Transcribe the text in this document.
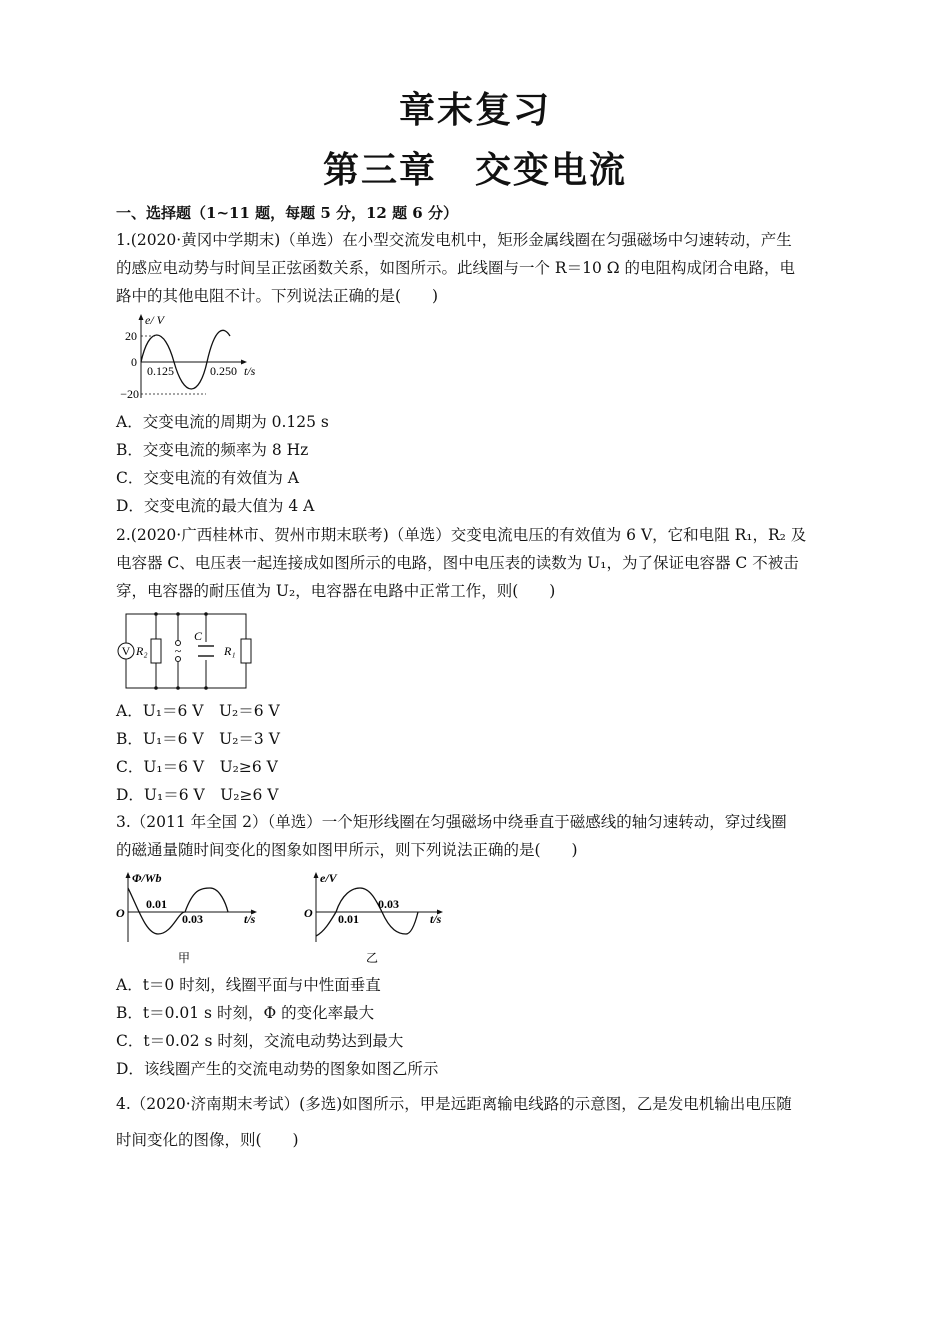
章末复习
第三章　交变电流
一、选择题（1~11 题，每题 5 分，12 题 6 分）
1.(2020·黄冈中学期末)（单选）在小型交流发电机中，矩形金属线圈在匀强磁场中匀速转动，产生
的感应电动势与时间呈正弦函数关系，如图所示。此线圈与一个 R＝10 Ω 的电阻构成闭合电路，电
路中的其他电阻不计。下列说法正确的是(　　)
e/ V
20
0
−20
0.125	0.250 t/s
A．交变电流的周期为 0.125 s
B．交变电流的频率为 8 Hz
C．交变电流的有效值为 A
D．交变电流的最大值为 4 A
2.(2020·广西桂林市、贺州市期末联考)（单选）交变电流电压的有效值为 6 V，它和电阻 R₁，R₂ 及
电容器 C、电压表一起连接成如图所示的电路，图中电压表的读数为 U₁，为了保证电容器 C 不被击
穿，电容器的耐压值为 U₂，电容器在电路中正常工作，则(　　)
V R₂ ~
C
R₁
A．U₁＝6 V　U₂＝6 V
B．U₁＝6 V　U₂＝3 V
C．U₁＝6 V　U₂≥6 V
D．U₁＝6 V　U₂≥6 V
3.（2011 年全国 2）（单选）一个矩形线圈在匀强磁场中绕垂直于磁感线的轴匀速转动，穿过线圈
的磁通量随时间变化的图象如图甲所示，则下列说法正确的是(　　)
Φ/Wb
O
0.01
0.03	t/s
甲
e/V
O 0.01
0.03
t/s
乙
A．t＝0 时刻，线圈平面与中性面垂直
B．t＝0.01 s 时刻，Φ 的变化率最大
C．t＝0.02 s 时刻，交流电动势达到最大
D．该线圈产生的交流电动势的图象如图乙所示
4.（2020·济南期末考试）(多选)如图所示，甲是远距离输电线路的示意图，乙是发电机输出电压随
时间变化的图像，则(　　)
